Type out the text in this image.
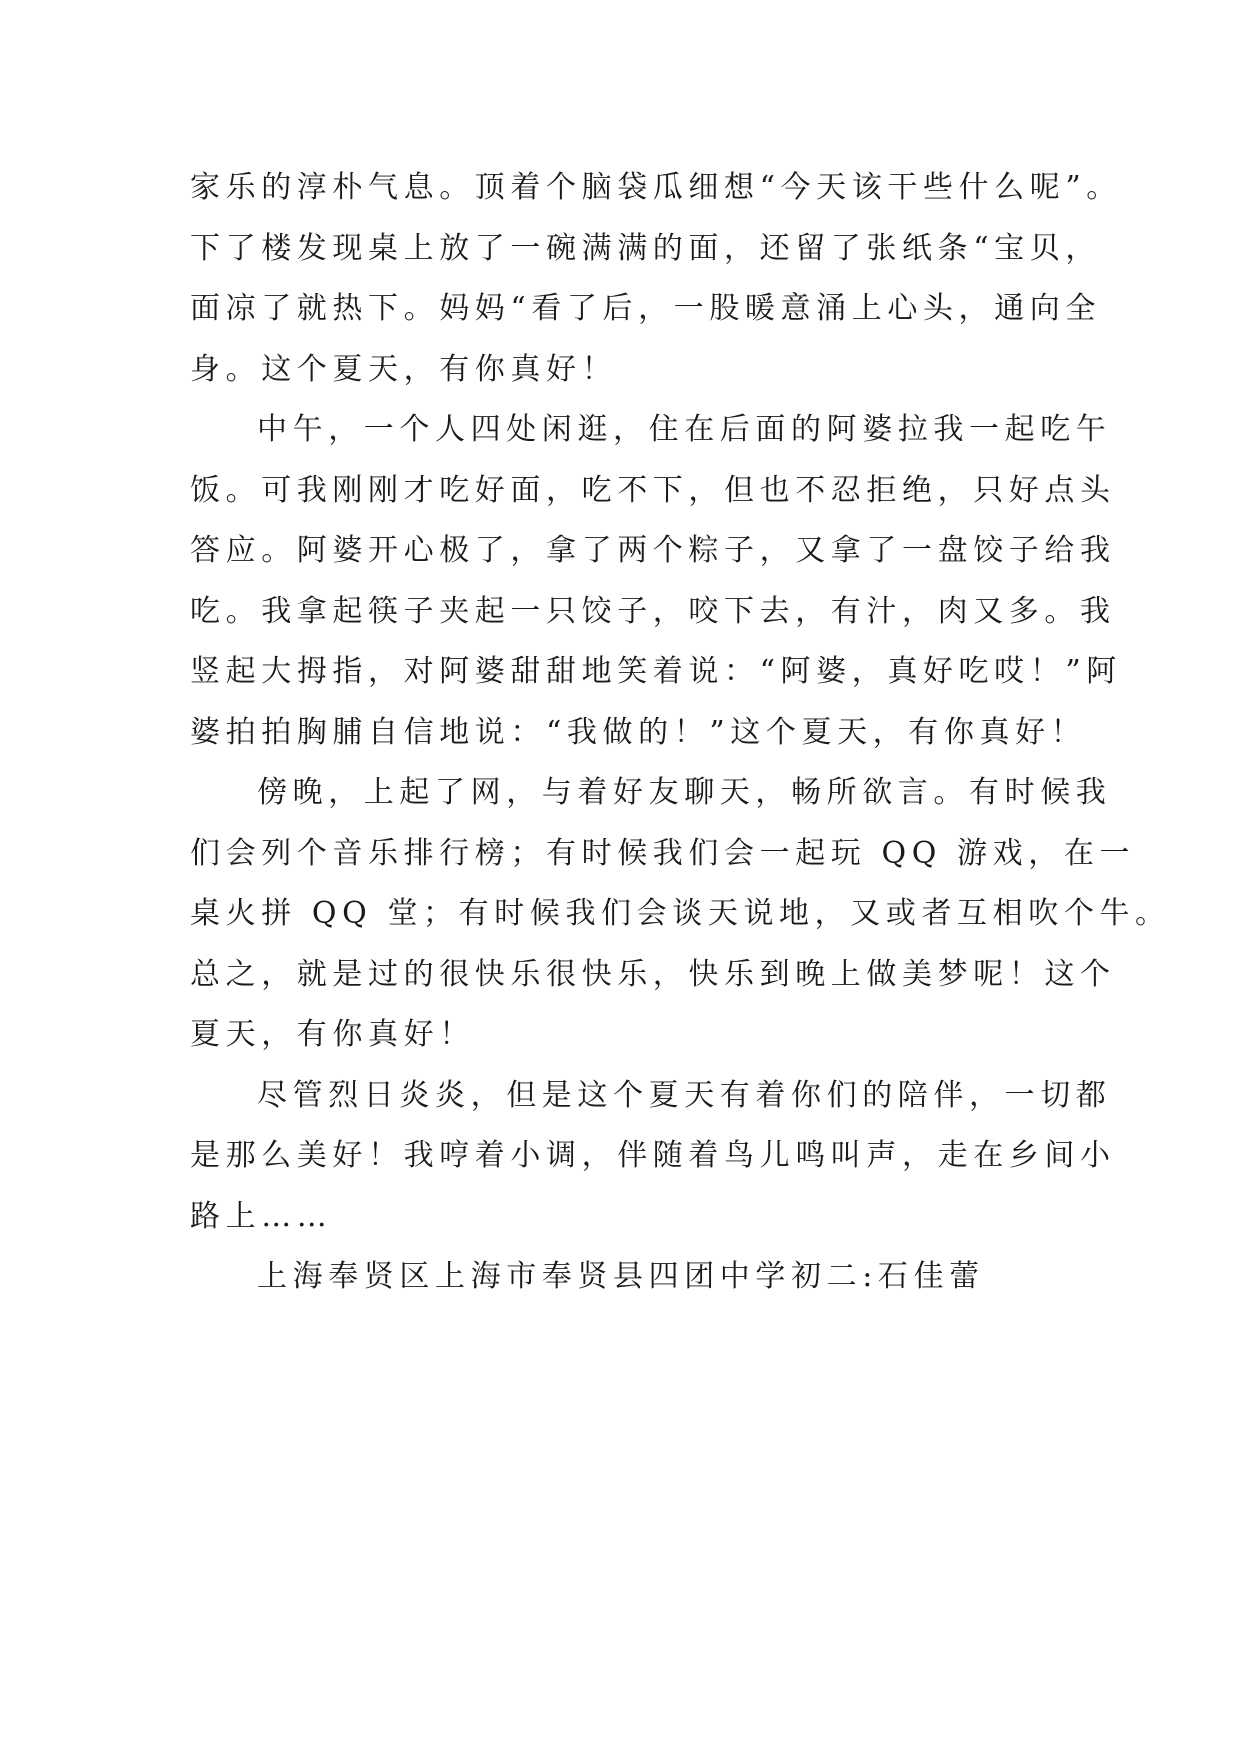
家乐的淳朴气息。顶着个脑袋瓜细想“今天该干些什么呢”。
下了楼发现桌上放了一碗满满的面，还留了张纸条“宝贝，
面凉了就热下。妈妈“看了后，一股暖意涌上心头，通向全
身。这个夏天，有你真好！
中午，一个人四处闲逛，住在后面的阿婆拉我一起吃午
饭。可我刚刚才吃好面，吃不下，但也不忍拒绝，只好点头
答应。阿婆开心极了，拿了两个粽子，又拿了一盘饺子给我
吃。我拿起筷子夹起一只饺子，咬下去，有汁，肉又多。我
竖起大拇指，对阿婆甜甜地笑着说：“阿婆，真好吃哎！”阿
婆拍拍胸脯自信地说：“我做的！”这个夏天，有你真好！
傍晚，上起了网，与着好友聊天，畅所欲言。有时候我
们会列个音乐排行榜；有时候我们会一起玩 QQ 游戏，在一
桌火拼 QQ 堂；有时候我们会谈天说地，又或者互相吹个牛。
总之，就是过的很快乐很快乐，快乐到晚上做美梦呢！这个
夏天，有你真好！
尽管烈日炎炎，但是这个夏天有着你们的陪伴，一切都
是那么美好！我哼着小调，伴随着鸟儿鸣叫声，走在乡间小
路上……
上海奉贤区上海市奉贤县四团中学初二:石佳蕾
